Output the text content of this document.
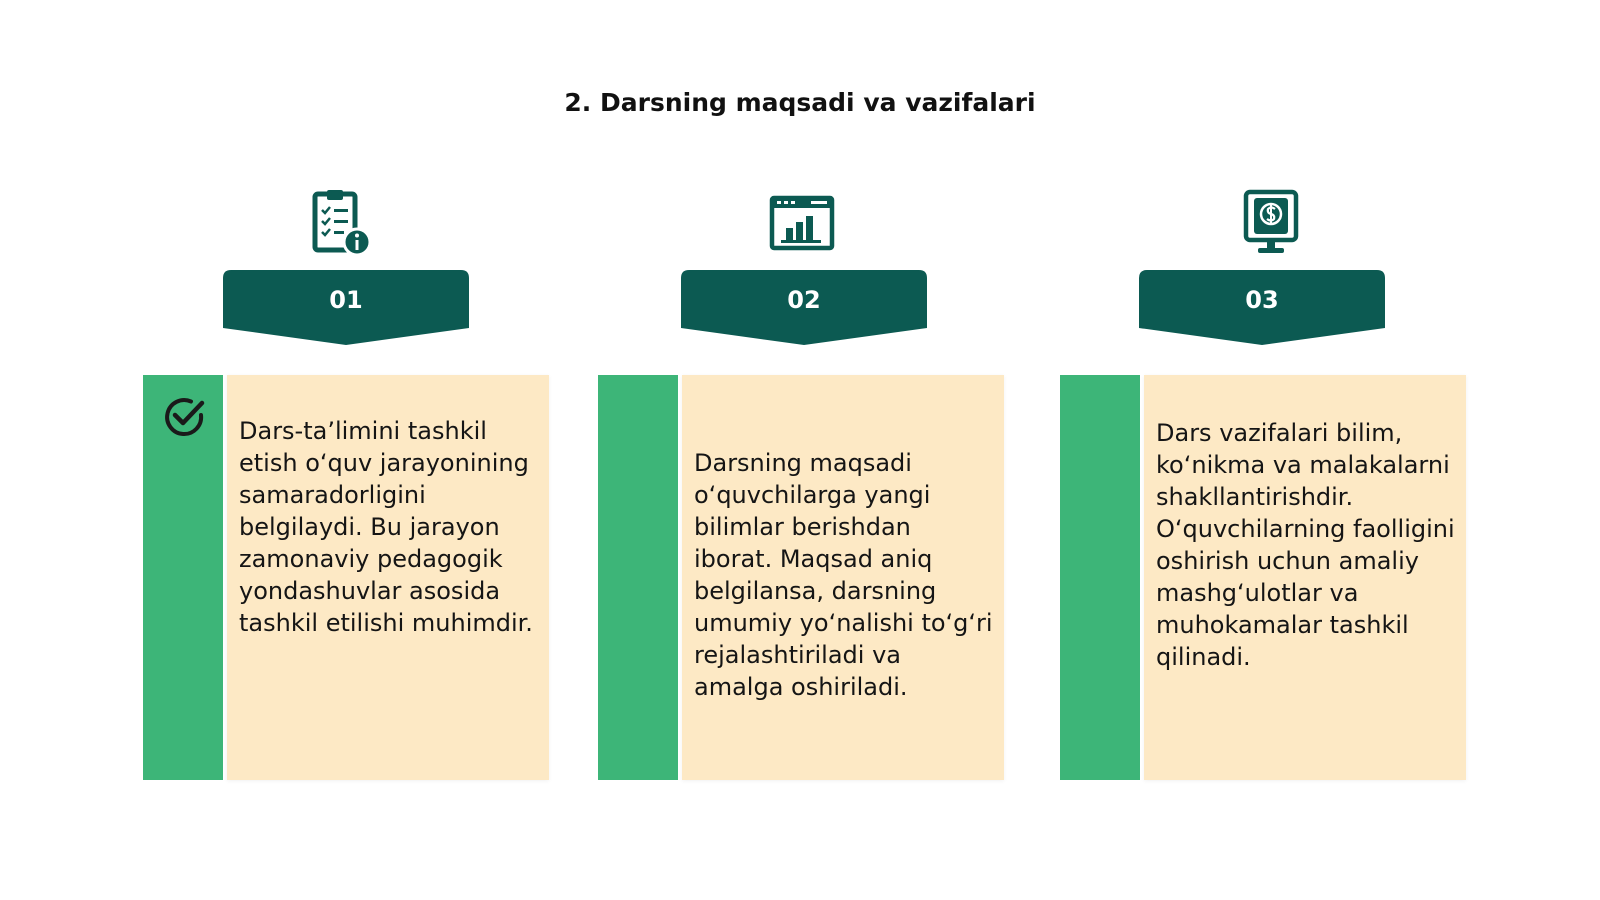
2. Darsning maqsadi va vazifalari
01
Dars-ta’limini tashkil etish o‘quv jarayonining samaradorligini belgilaydi. Bu jarayon zamonaviy pedagogik yondashuvlar asosida tashkil etilishi muhimdir.
02
Darsning maqsadi o‘quvchilarga yangi bilimlar berishdan iborat. Maqsad aniq belgilansa, darsning umumiy yo‘nalishi to‘g‘ri rejalashtiriladi va amalga oshiriladi.
03
Dars vazifalari bilim, ko‘nikma va malakalarni shakllantirishdir. O‘quvchilarning faolligini oshirish uchun amaliy mashg‘ulotlar va muhokamalar tashkil qilinadi.
